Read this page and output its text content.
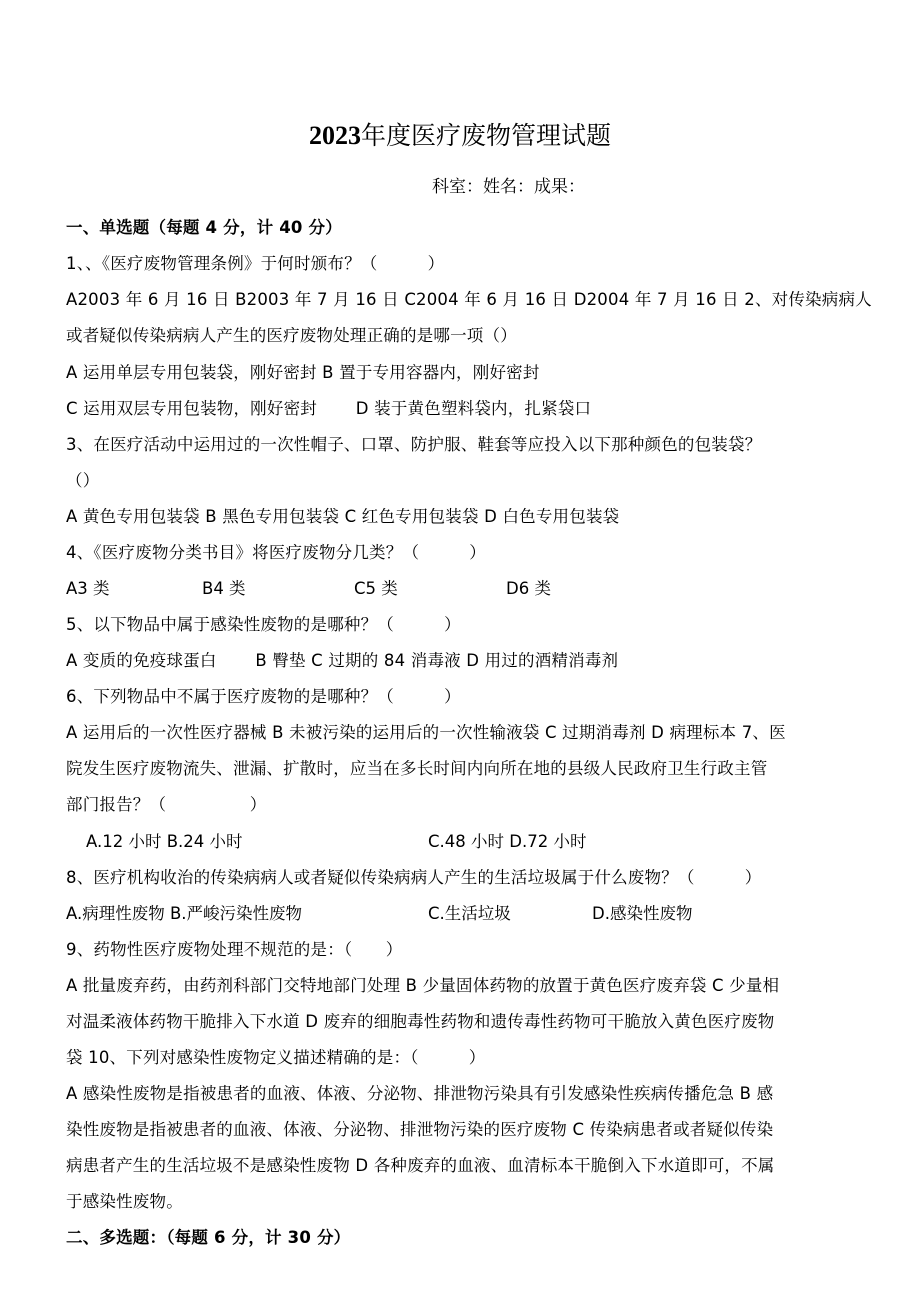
2023年度医疗废物管理试题
科室：姓名：成果：
一、单选题（每题 4 分，计 40 分）
1、、《医疗废物管理条例》于何时颁布？（　　　）
A2003 年 6 月 16 日 B2003 年 7 月 16 日 C2004 年 6 月 16 日 D2004 年 7 月 16 日 2、对传染病病人
或者疑似传染病病人产生的医疗废物处理正确的是哪一项（）
A 运用单层专用包装袋，刚好密封 B 置于专用容器内，刚好密封
C 运用双层专用包装物，刚好密封　　 D 装于黄色塑料袋内，扎紧袋口
3、在医疗活动中运用过的一次性帽子、口罩、防护服、鞋套等应投入以下那种颜色的包装袋？
（）
A 黄色专用包装袋 B 黑色专用包装袋 C 红色专用包装袋 D 白色专用包装袋
4、《医疗废物分类书目》将医疗废物分几类？（　　　）
A3 类	B4 类	C5 类	D6 类
5、以下物品中属于感染性废物的是哪种？（　　　）
A 变质的免疫球蛋白　　 B 臀垫 C 过期的 84 消毒液 D 用过的酒精消毒剂
6、下列物品中不属于医疗废物的是哪种？（　　　）
A 运用后的一次性医疗器械 B 未被污染的运用后的一次性输液袋 C 过期消毒剂 D 病理标本 7、医
院发生医疗废物流失、泄漏、扩散时，应当在多长时间内向所在地的县级人民政府卫生行政主管
部门报告？（　　　　　）
A.12 小时 B.24 小时	C.48 小时 D.72 小时
8、医疗机构收治的传染病病人或者疑似传染病病人产生的生活垃圾属于什么废物？（　　　）
A.病理性废物 B.严峻污染性废物	C.生活垃圾	D.感染性废物
9、药物性医疗废物处理不规范的是：（　　）
A 批量废弃药，由药剂科部门交特地部门处理 B 少量固体药物的放置于黄色医疗废弃袋 C 少量相
对温柔液体药物干脆排入下水道 D 废弃的细胞毒性药物和遗传毒性药物可干脆放入黄色医疗废物
袋 10、下列对感染性废物定义描述精确的是：（　　　）
A 感染性废物是指被患者的血液、体液、分泌物、排泄物污染具有引发感染性疾病传播危急 B 感
染性废物是指被患者的血液、体液、分泌物、排泄物污染的医疗废物 C 传染病患者或者疑似传染
病患者产生的生活垃圾不是感染性废物 D 各种废弃的血液、血清标本干脆倒入下水道即可，不属
于感染性废物。
二、多选题：（每题 6 分，计 30 分）
